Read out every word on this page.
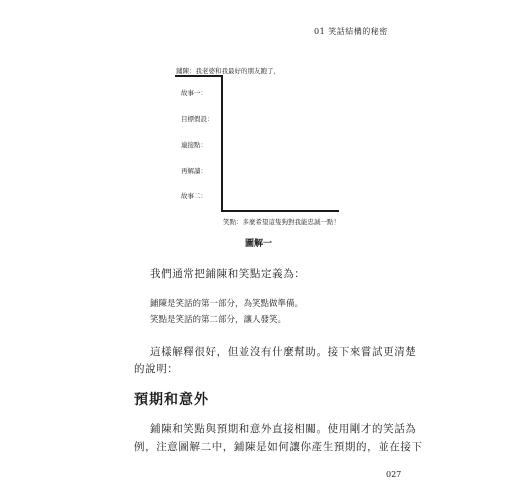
01 笑話結構的秘密
鋪陳：我老婆和我最好的朋友跑了，
故事一：
目標假設：
連接點：
再解讀：
故事二：
笑點：多麼希望這隻狗對我能忠誠一點！
圖解一
我們通常把鋪陳和笑點定義為：
鋪陳是笑話的第一部分，為笑點做準備。
笑點是笑話的第二部分，讓人發笑。
這樣解釋很好，但並沒有什麼幫助。接下來嘗試更清楚
的說明：
預期和意外
鋪陳和笑點與預期和意外直接相關。使用剛才的笑話為
例，注意圖解二中，鋪陳是如何讓你產生預期的，並在接下
027
